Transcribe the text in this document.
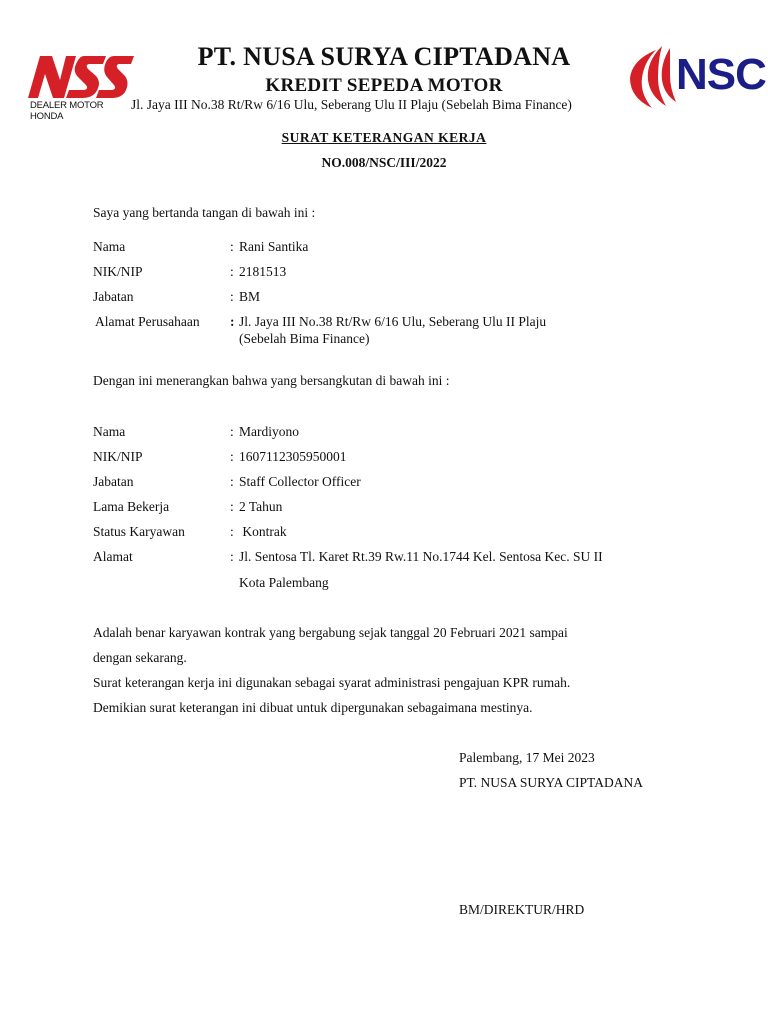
DEALER MOTOR HONDA
NSC
PT. NUSA SURYA CIPTADANA
KREDIT SEPEDA MOTOR
Jl. Jaya III No.38 Rt/Rw 6/16 Ulu, Seberang Ulu II Plaju (Sebelah Bima Finance)
SURAT KETERANGAN KERJA
NO.008/NSC/III/2022
Saya yang bertanda tangan di bawah ini :
Nama	: Rani Santika
NIK/NIP	: 2181513
Jabatan	: BM
Alamat Perusahaan : Jl. Jaya III No.38 Rt/Rw 6/16 Ulu, Seberang Ulu II Plaju
(Sebelah Bima Finance)
Dengan ini menerangkan bahwa yang bersangkutan di bawah ini :
Nama	: Mardiyono
NIK/NIP	: 1607112305950001
Jabatan	: Staff Collector Officer
Lama Bekerja	: 2 Tahun
Status Karyawan	: Kontrak
Alamat	: Jl. Sentosa Tl. Karet Rt.39 Rw.11 No.1744 Kel. Sentosa Kec. SU II
Kota Palembang
Adalah benar karyawan kontrak yang bergabung sejak tanggal 20 Februari 2021 sampai
dengan sekarang.
Surat keterangan kerja ini digunakan sebagai syarat administrasi pengajuan KPR rumah.
Demikian surat keterangan ini dibuat untuk dipergunakan sebagaimana mestinya.
Palembang, 17 Mei 2023
PT. NUSA SURYA CIPTADANA
BM/DIREKTUR/HRD
